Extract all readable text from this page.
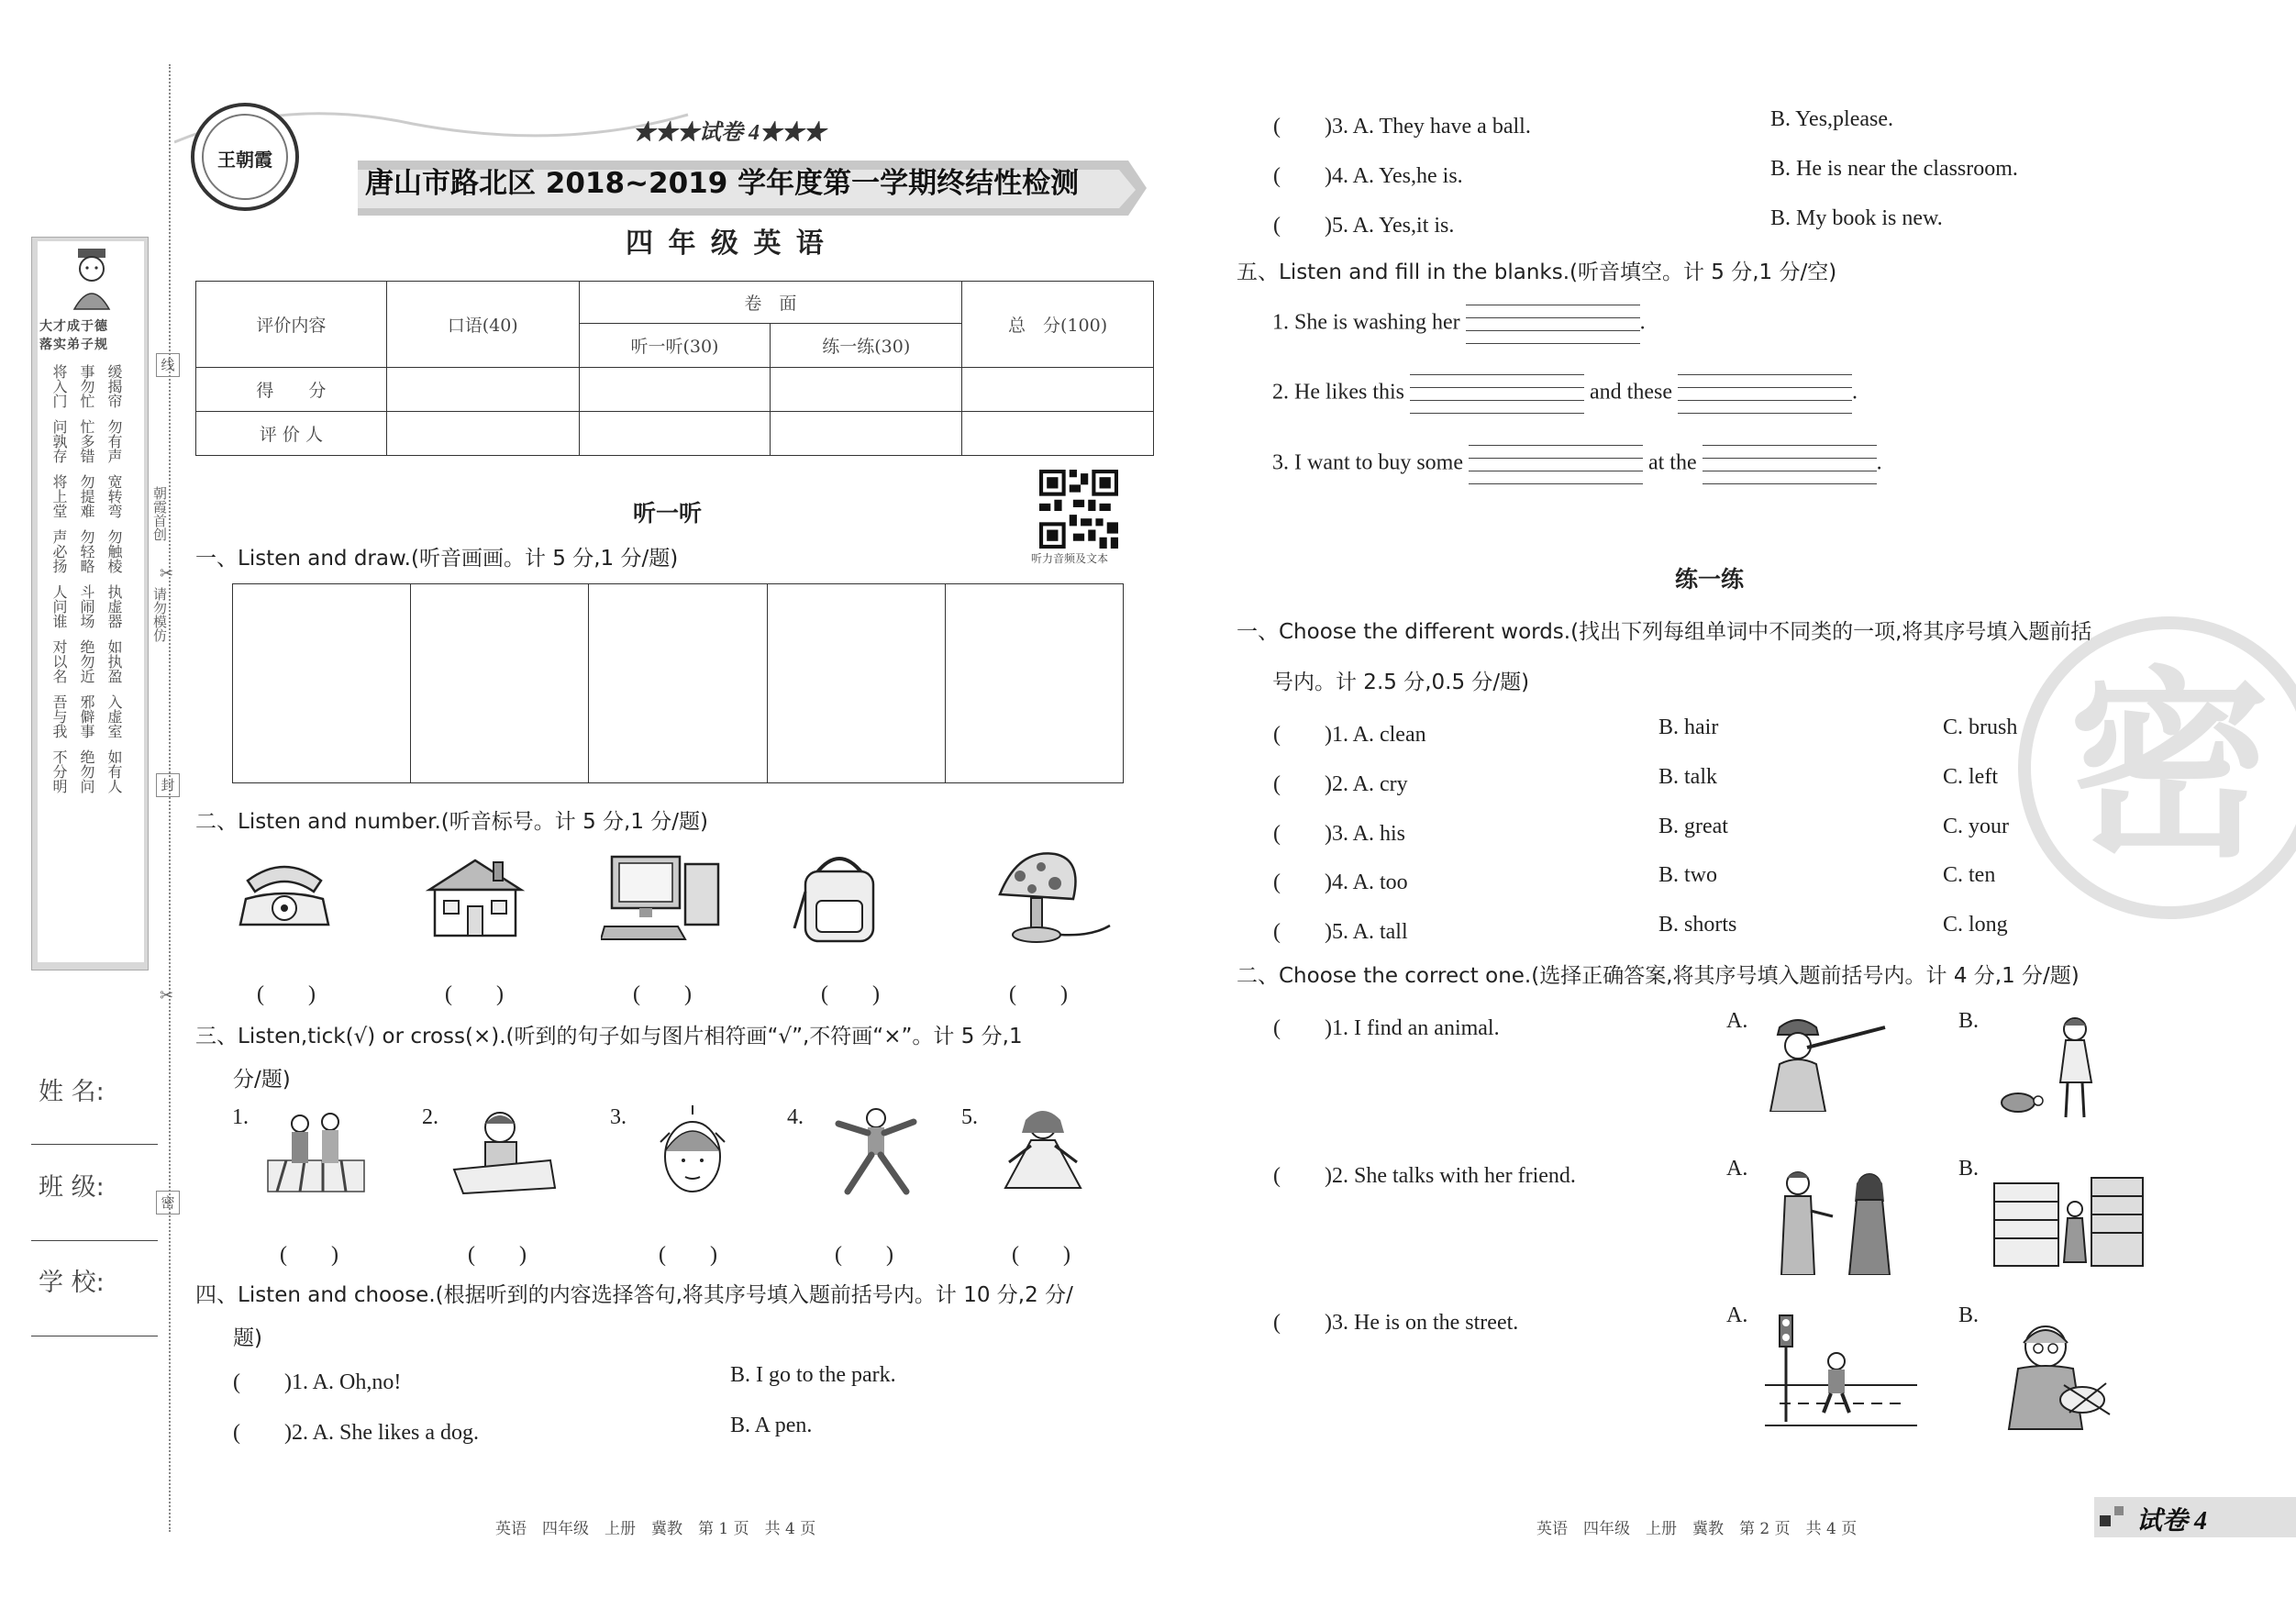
线
封
密
朝霞首创
请勿模仿
✂
✂
大才成于德
落实弟子规
将入门 事勿忙 缓揭帘
问孰存 忙多错 勿有声
将上堂 勿提难 宽转弯
声必扬 勿轻略 勿触棱
人问谁 斗闹场 执虚器
对以名 绝勿近 如执盈
吾与我 邪僻事 入虚室
不分明 绝勿问 如有人
姓 名:
班 级:
学 校:
王朝霞
★★★试卷 4★★★
唐山市路北区 2018~2019 学年度第一学期终结性检测
四 年 级 英 语
评价内容	口语(40)	卷　面		总　分(100)
		听一听(30)	练一练(30)	
得　　分				
评 价 人				
听力音频及文本
听一听
一、Listen and draw.(听音画画。计 5 分,1 分/题)
二、Listen and number.(听音标号。计 5 分,1 分/题)
(　　)	(　　)	(　　)	(　　)	(　　)
三、Listen,tick(√) or cross(×).(听到的句子如与图片相符画“√”,不符画“×”。计 5 分,1
分/题)
1.	2.	3.	4.	5.
(　　)	(　　)	(　　)	(　　)	(　　)
四、Listen and choose.(根据听到的内容选择答句,将其序号填入题前括号内。计 10 分,2 分/
题)
(　　)1. A. Oh,no!	B. I go to the park.
(　　)2. A. She likes a dog.	B. A pen.
英语　四年级　上册　冀教　第 1 页　共 4 页
密
(　　)3. A. They have a ball.	B. Yes,please.
(　　)4. A. Yes,he is.	B. He is near the classroom.
(　　)5. A. Yes,it is.	B. My book is new.
五、Listen and fill in the blanks.(听音填空。计 5 分,1 分/空)
1. She is washing her	.
2. He likes this	and these	.
3. I want to buy some	at the	.
练一练
一、Choose the different words.(找出下列每组单词中不同类的一项,将其序号填入题前括
号内。计 2.5 分,0.5 分/题)
(　　)1. A. clean	B. hair	C. brush
(　　)2. A. cry	B. talk	C. left
(　　)3. A. his	B. great	C. your
(　　)4. A. too	B. two	C. ten
(　　)5. A. tall	B. shorts	C. long
二、Choose the correct one.(选择正确答案,将其序号填入题前括号内。计 4 分,1 分/题)
(　　)1. I find an animal.	A.	B.
(　　)2. She talks with her friend.	A.	B.
(　　)3. He is on the street.	A.	B.
英语　四年级　上册　冀教　第 2 页　共 4 页	试卷 4
